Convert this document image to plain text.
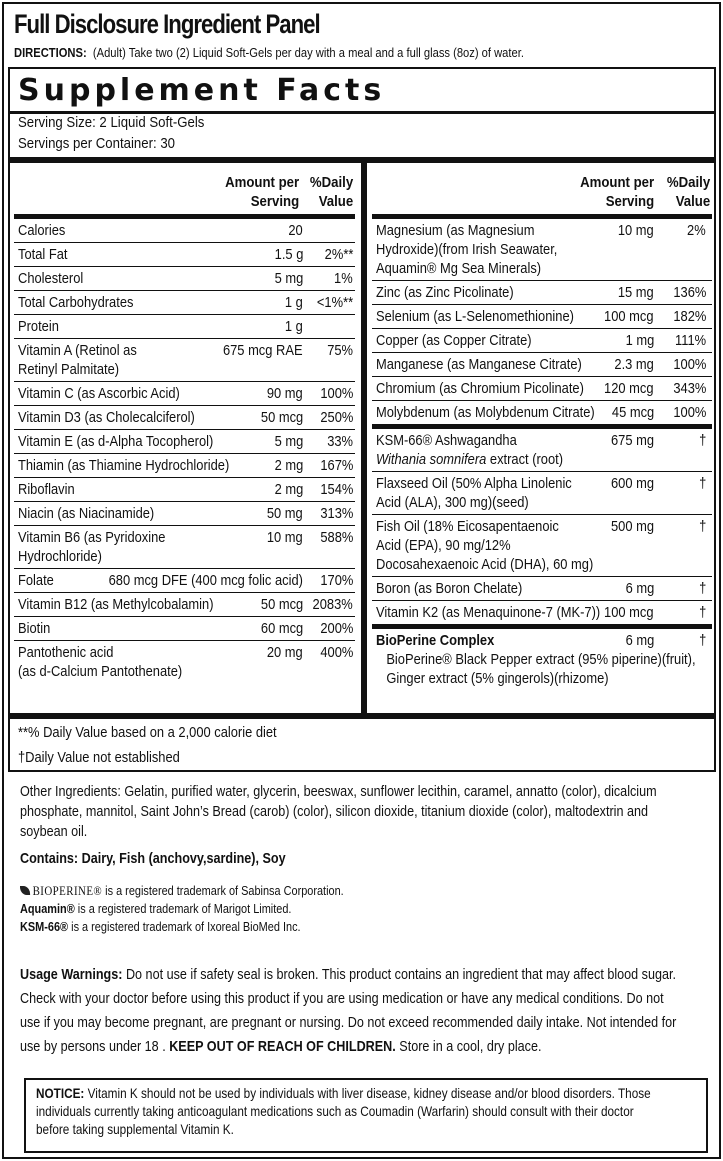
Full Disclosure Ingredient Panel
DIRECTIONS: (Adult) Take two (2) Liquid Soft-Gels per day with a meal and a full glass (8oz) of water.
Supplement Facts
Serving Size: 2 Liquid Soft-Gels
Servings per Container: 30
Amount per
Serving
%Daily
Value
Calories	20
Total Fat	1.5 g 2%**
Cholesterol	5 mg 1%
Total Carbohydrates	1 g <1%**
Protein	1 g
Vitamin A (Retinol as
Retinyl Palmitate)
675 mcg RAE 75%
Vitamin C (as Ascorbic Acid)	90 mg 100%
Vitamin D3 (as Cholecalciferol)	50 mcg 250%
Vitamin E (as d-Alpha Tocopherol)	5 mg 33%
Thiamin (as Thiamine Hydrochloride)	2 mg 167%
Riboflavin	2 mg 154%
Niacin (as Niacinamide)	50 mg 313%
Vitamin B6 (as Pyridoxine
Hydrochloride)
10 mg 588%
Folate	680 mcg DFE (400 mcg folic acid) 170%
Vitamin B12 (as Methylcobalamin)	50 mcg 2083%
Biotin	60 mcg 200%
Pantothenic acid
(as d-Calcium Pantothenate)
20 mg 400%
Amount per
Serving
%Daily
Value
Magnesium (as Magnesium
Hydroxide)(from Irish Seawater,
Aquamin® Mg Sea Minerals)
10 mg 2%
Zinc (as Zinc Picolinate)	15 mg 136%
Selenium (as L-Selenomethionine)	100 mcg 182%
Copper (as Copper Citrate)	1 mg 111%
Manganese (as Manganese Citrate)	2.3 mg 100%
Chromium (as Chromium Picolinate)	120 mcg 343%
Molybdenum (as Molybdenum Citrate)	45 mcg 100%
KSM-66® Ashwagandha
Withania somnifera extract (root)
675 mg	†
Flaxseed Oil (50% Alpha Linolenic
Acid (ALA), 300 mg)(seed)
600 mg	†
Fish Oil (18% Eicosapentaenoic
Acid (EPA), 90 mg/12%
Docosahexaenoic Acid (DHA), 60 mg)
500 mg	†
Boron (as Boron Chelate)	6 mg	†
Vitamin K2 (as Menaquinone-7 (MK-7)) 100 mcg	†
BioPerine Complex
BioPerine® Black Pepper extract (95% piperine)(fruit),
Ginger extract (5% gingerols)(rhizome)
6 mg	†
**% Daily Value based on a 2,000 calorie diet
†Daily Value not established
Other Ingredients: Gelatin, purified water, glycerin, beeswax, sunflower lecithin, caramel, annatto (color), dicalcium
phosphate, mannitol, Saint John’s Bread (carob) (color), silicon dioxide, titanium dioxide (color), maltodextrin and
soybean oil.
Contains: Dairy, Fish (anchovy,sardine), Soy
BIOPERINE® is a registered trademark of Sabinsa Corporation.
Aquamin® is a registered trademark of Marigot Limited.
KSM-66® is a registered trademark of Ixoreal BioMed Inc.
Usage Warnings: Do not use if safety seal is broken. This product contains an ingredient that may affect blood sugar.
Check with your doctor before using this product if you are using medication or have any medical conditions. Do not
use if you may become pregnant, are pregnant or nursing. Do not exceed recommended daily intake. Not intended for
use by persons under 18 . KEEP OUT OF REACH OF CHILDREN. Store in a cool, dry place.
NOTICE: Vitamin K should not be used by individuals with liver disease, kidney disease and/or blood disorders. Those
individuals currently taking anticoagulant medications such as Coumadin (Warfarin) should consult with their doctor
before taking supplemental Vitamin K.
